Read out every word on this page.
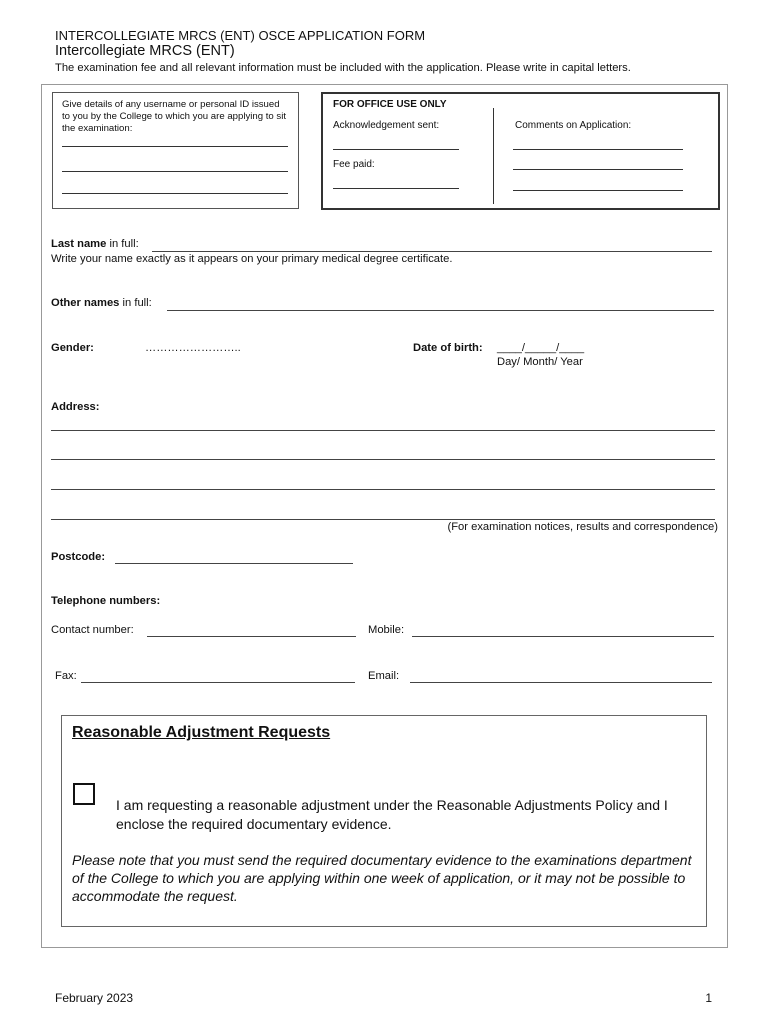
INTERCOLLEGIATE MRCS (ENT) OSCE APPLICATION FORM
Intercollegiate MRCS (ENT)
The examination fee and all relevant information must be included with the application. Please write in capital letters.
Give details of any username or personal ID issued to you by the College to which you are applying to sit the examination:
FOR OFFICE USE ONLY
Acknowledgement sent:
Fee paid:
Comments on Application:
Last name in full:
Write your name exactly as it appears on your primary medical degree certificate.
Other names in full:
Gender:	……………………..	Date of birth: ____/_____/____
Day/ Month/ Year
Address:
(For examination notices, results and correspondence)
Postcode:
Telephone numbers:
Contact number:	Mobile:
Fax:	Email:
Reasonable Adjustment Requests
I am requesting a reasonable adjustment under the Reasonable Adjustments Policy and I enclose the required documentary evidence.
Please note that you must send the required documentary evidence to the examinations department of the College to which you are applying within one week of application, or it may not be possible to accommodate the request.
February 2023	1
